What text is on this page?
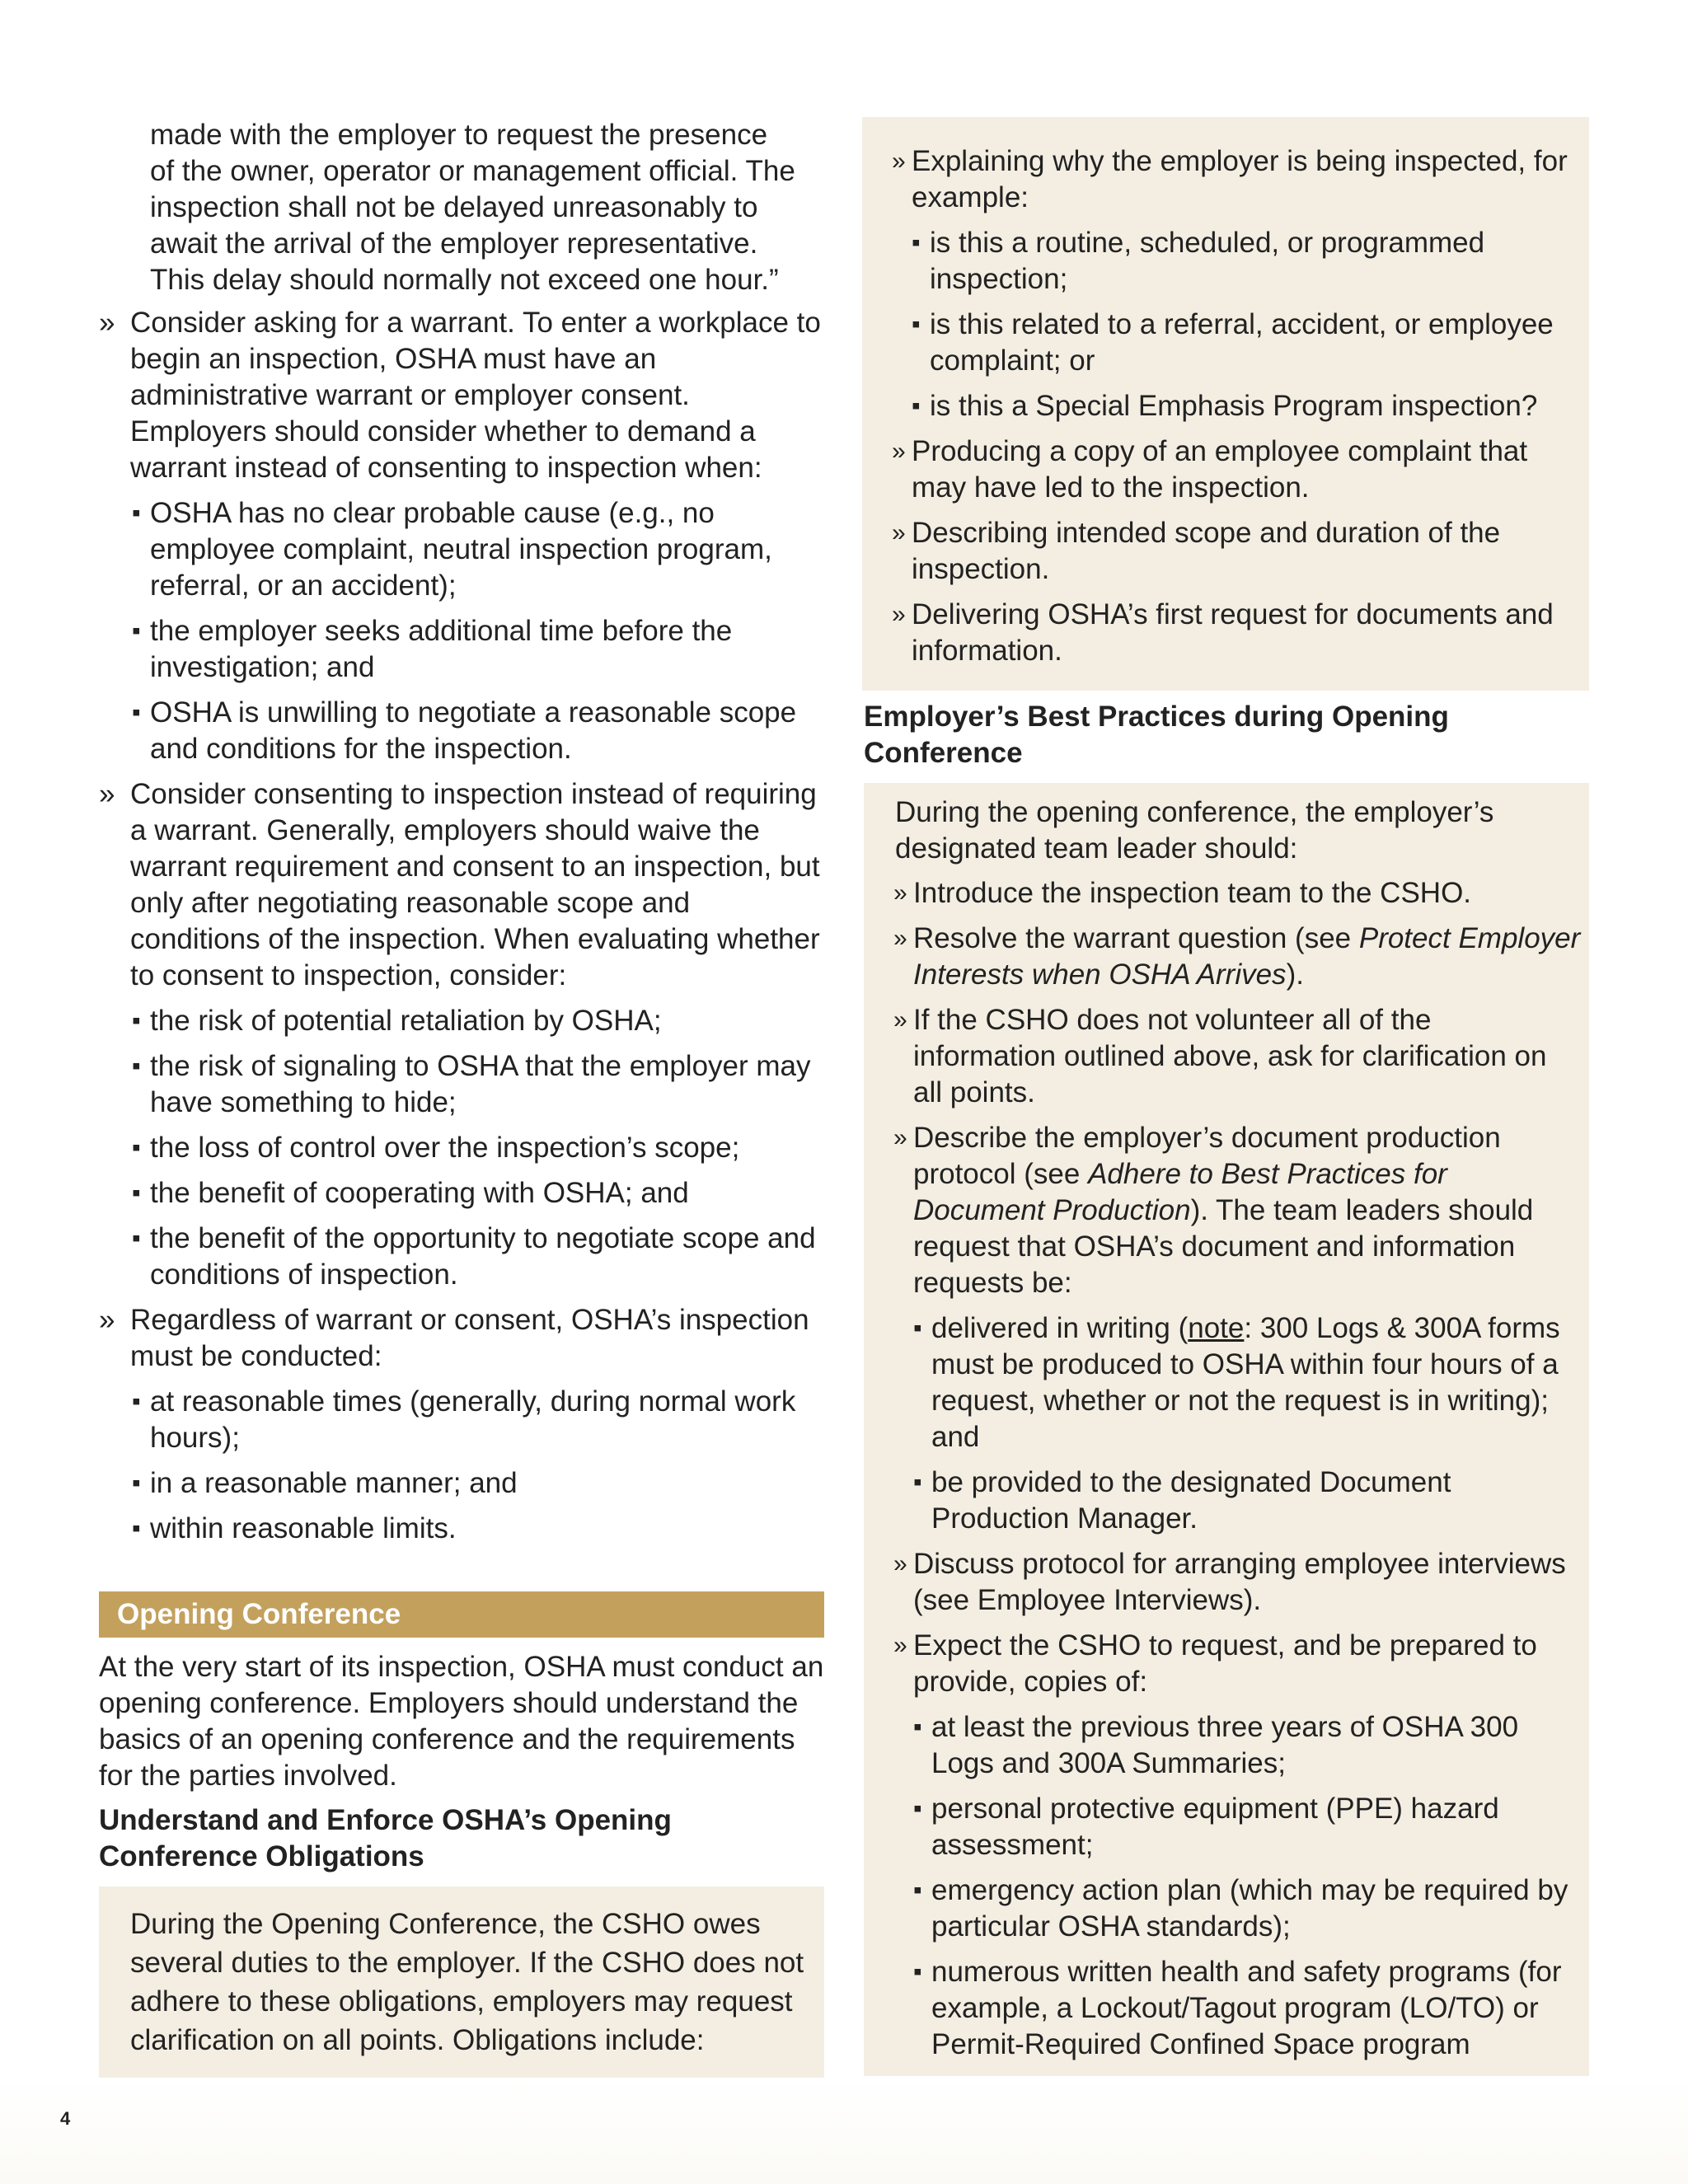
made with the employer to request the presence

of the owner, operator or management official. The

inspection shall not be delayed unreasonably to

await the arrival of the employer representative.

This delay should normally not exceed one hour.”

» Consider asking for a warrant. To enter a workplace to begin an inspection, OSHA must have an administrative warrant or employer consent. Employers should consider whether to demand a warrant instead of consenting to inspection when:

▪ OSHA has no clear probable cause (e.g., no employee complaint, neutral inspection program, referral, or an accident);

▪ the employer seeks additional time before the investigation; and

▪ OSHA is unwilling to negotiate a reasonable scope and conditions for the inspection.

» Consider consenting to inspection instead of requiring a warrant. Generally, employers should waive the warrant requirement and consent to an inspection, but only after negotiating reasonable scope and conditions of the inspection. When evaluating whether to consent to inspection, consider:

▪ the risk of potential retaliation by OSHA;

▪ the risk of signaling to OSHA that the employer may have something to hide;

▪ the loss of control over the inspection’s scope;

▪ the benefit of cooperating with OSHA; and

▪ the benefit of the opportunity to negotiate scope and conditions of inspection.

» Regardless of warrant or consent, OSHA’s inspection must be conducted:

▪ at reasonable times (generally, during normal work hours);

▪ in a reasonable manner; and

▪ within reasonable limits.

Opening Conference

At the very start of its inspection, OSHA must conduct an opening conference. Employers should understand the basics of an opening conference and the requirements for the parties involved.

Understand and Enforce OSHA’s Opening Conference Obligations

During the Opening Conference, the CSHO owes several duties to the employer. If the CSHO does not adhere to these obligations, employers may request clarification on all points. Obligations include:

» Explaining why the employer is being inspected, for example:

▪ is this a routine, scheduled, or programmed inspection;

▪ is this related to a referral, accident, or employee complaint; or

▪ is this a Special Emphasis Program inspection?

» Producing a copy of an employee complaint that may have led to the inspection.

» Describing intended scope and duration of the inspection.

» Delivering OSHA’s first request for documents and information.

Employer’s Best Practices during Opening Conference

During the opening conference, the employer’s designated team leader should:

» Introduce the inspection team to the CSHO.

» Resolve the warrant question (see Protect Employer Interests when OSHA Arrives).

» If the CSHO does not volunteer all of the information outlined above, ask for clarification on all points.

» Describe the employer’s document production protocol (see Adhere to Best Practices for Document Production). The team leaders should request that OSHA’s document and information requests be:

▪ delivered in writing (note: 300 Logs & 300A forms must be produced to OSHA within four hours of a request, whether or not the request is in writing); and

▪ be provided to the designated Document Production Manager.

» Discuss protocol for arranging employee interviews (see Employee Interviews).

» Expect the CSHO to request, and be prepared to provide, copies of:

▪ at least the previous three years of OSHA 300 Logs and 300A Summaries;

▪ personal protective equipment (PPE) hazard assessment;

▪ emergency action plan (which may be required by particular OSHA standards);

▪ numerous written health and safety programs (for example, a Lockout/Tagout program (LO/TO) or Permit-Required Confined Space program

4
